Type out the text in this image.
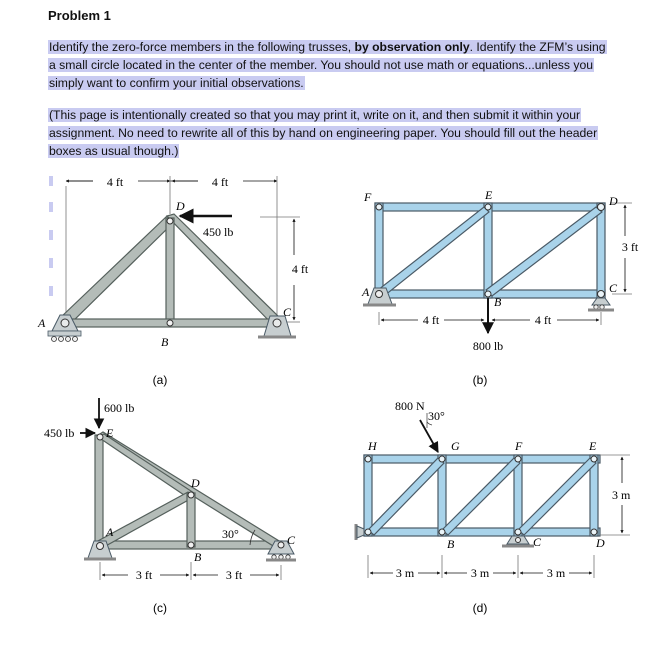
Problem 1
Identify the zero-force members in the following trusses, by observation only. Identify the ZFM’s using a small circle located in the center of the member. You should not use math or equations...unless you simply want to confirm your initial observations.
(This page is intentionally created so that you may print it, write on it, and then submit it within your assignment. No need to rewrite all of this by hand on engineering paper. You should fill out the header boxes as usual though.)
4 ft	4 ft
4 ft
450 lb
D
A
B
C
(a)
4 ft	4 ft
3 ft
800 lb
F	E	D
A
B
C
(b)
600 lb
450 lb
30°
3 ft	3 ft
E
A
B
D
C
(c)
800 N
30°
3 m	3 m	3 m
3 m
H	G	F	E
B	C	D
(d)
